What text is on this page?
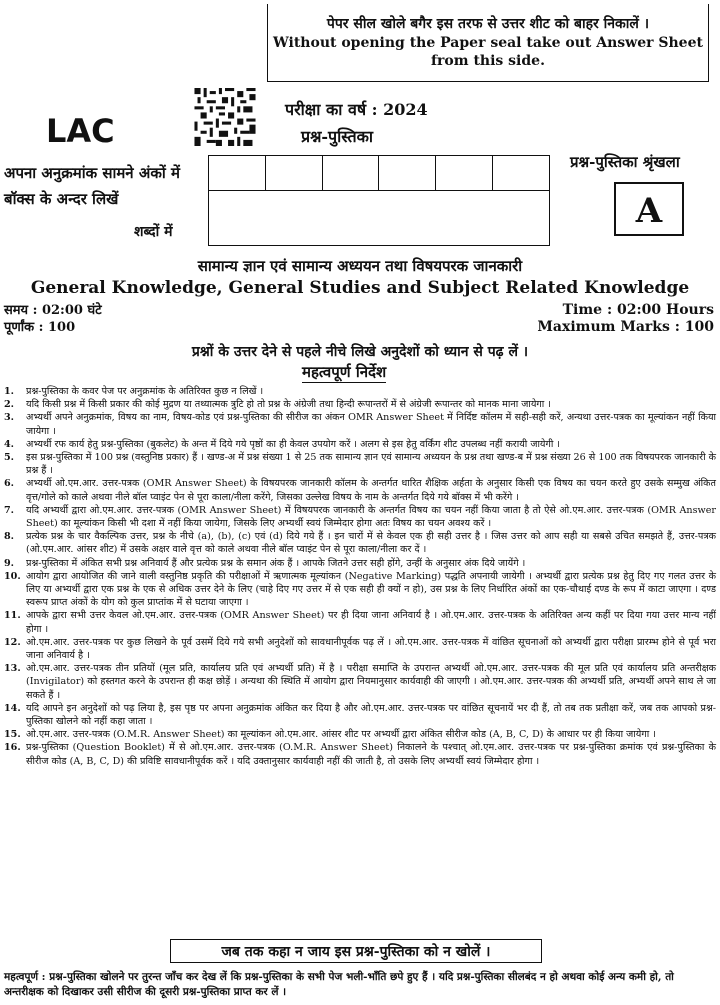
पेपर सील खोले बगैर इस तरफ से उत्तर शीट को बाहर निकालें ।
Without opening the Paper seal take out Answer Sheet
from this side.
LAC
परीक्षा का वर्ष : 2024
प्रश्न-पुस्तिका
अपना अनुक्रमांक सामने अंकों में
बॉक्स के अन्दर लिखें
शब्दों में
प्रश्न-पुस्तिका श्रृंखला
A
सामान्य ज्ञान एवं सामान्य अध्ययन तथा विषयपरक जानकारी
General Knowledge, General Studies and Subject Related Knowledge
समय : 02:00 घंटे
पूर्णांक : 100
Time : 02:00 Hours
Maximum Marks : 100
प्रश्नों के उत्तर देने से पहले नीचे लिखे अनुदेशों को ध्यान से पढ़ लें ।
महत्वपूर्ण निर्देश
1.	प्रश्न-पुस्तिका के कवर पेज पर अनुक्रमांक के अतिरिक्त कुछ न लिखें ।
2.	यदि किसी प्रश्न में किसी प्रकार की कोई मुद्रण या तथ्यात्मक त्रुटि हो तो प्रश्न के अंग्रेजी तथा हिन्दी रूपान्तरों में से अंग्रेजी रूपान्तर को मानक माना जायेगा ।
3.	अभ्यर्थी अपने अनुक्रमांक, विषय का नाम, विषय-कोड एवं प्रश्न-पुस्तिका की सीरीज का अंकन OMR Answer Sheet में निर्दिष्ट कॉलम में सही-सही करें, अन्यथा उत्तर-पत्रक का मूल्यांकन नहीं किया जायेगा ।
4.	अभ्यर्थी रफ कार्य हेतु प्रश्न-पुस्तिका (बुकलेट) के अन्त में दिये गये पृष्ठों का ही केवल उपयोग करें । अलग से इस हेतु वर्किंग शीट उपलब्ध नहीं करायी जायेगी ।
5.	इस प्रश्न-पुस्तिका में 100 प्रश्न (वस्तुनिष्ठ प्रकार) हैं । खण्ड-अ में प्रश्न संख्या 1 से 25 तक सामान्य ज्ञान एवं सामान्य अध्ययन के प्रश्न तथा खण्ड-ब में प्रश्न संख्या 26 से 100 तक विषयपरक जानकारी के प्रश्न हैं ।
6.	अभ्यर्थी ओ.एम.आर. उत्तर-पत्रक (OMR Answer Sheet) के विषयपरक जानकारी कॉलम के अन्तर्गत धारित शैक्षिक अर्हता के अनुसार किसी एक विषय का चयन करते हुए उसके सम्मुख अंकित वृत्त/गोले को काले अथवा नीले बॉल प्वाइंट पेन से पूरा काला/नीला करेंगे, जिसका उल्लेख विषय के नाम के अन्तर्गत दिये गये बॉक्स में भी करेंगे ।
7.	यदि अभ्यर्थी द्वारा ओ.एम.आर. उत्तर-पत्रक (OMR Answer Sheet) में विषयपरक जानकारी के अन्तर्गत विषय का चयन नहीं किया जाता है तो ऐसे ओ.एम.आर. उत्तर-पत्रक (OMR Answer Sheet) का मूल्यांकन किसी भी दशा में नहीं किया जायेगा, जिसके लिए अभ्यर्थी स्वयं जिम्मेदार होगा अतः विषय का चयन अवश्य करें ।
8.	प्रत्येक प्रश्न के चार वैकल्पिक उत्तर, प्रश्न के नीचे (a), (b), (c) एवं (d) दिये गये हैं । इन चारों में से केवल एक ही सही उत्तर है । जिस उत्तर को आप सही या सबसे उचित समझते हैं, उत्तर-पत्रक (ओ.एम.आर. आंसर शीट) में उसके अक्षर वाले वृत्त को काले अथवा नीले बॉल प्वाइंट पेन से पूरा काला/नीला कर दें ।
9.	प्रश्न-पुस्तिका में अंकित सभी प्रश्न अनिवार्य हैं और प्रत्येक प्रश्न के समान अंक हैं । आपके जितने उत्तर सही होंगे, उन्हीं के अनुसार अंक दिये जायेंगे ।
10. आयोग द्वारा आयोजित की जाने वाली वस्तुनिष्ठ प्रकृति की परीक्षाओं में ऋणात्मक मूल्यांकन (Negative Marking) पद्धति अपनायी जायेगी । अभ्यर्थी द्वारा प्रत्येक प्रश्न हेतु दिए गए गलत उत्तर के लिए या अभ्यर्थी द्वारा एक प्रश्न के एक से अधिक उत्तर देने के लिए (चाहे दिए गए उत्तर में से एक सही ही क्यों न हो), उस प्रश्न के लिए निर्धारित अंकों का एक-चौथाई दण्ड के रूप में काटा जाएगा । दण्ड स्वरूप प्राप्त अंकों के योग को कुल प्राप्तांक में से घटाया जाएगा ।
11. आपके द्वारा सभी उत्तर केवल ओ.एम.आर. उत्तर-पत्रक (OMR Answer Sheet) पर ही दिया जाना अनिवार्य है । ओ.एम.आर. उत्तर-पत्रक के अतिरिक्त अन्य कहीं पर दिया गया उत्तर मान्य नहीं होगा ।
12. ओ.एम.आर. उत्तर-पत्रक पर कुछ लिखने के पूर्व उसमें दिये गये सभी अनुदेशों को सावधानीपूर्वक पढ़ लें । ओ.एम.आर. उत्तर-पत्रक में वांछित सूचनाओं को अभ्यर्थी द्वारा परीक्षा प्रारम्भ होने से पूर्व भरा जाना अनिवार्य है ।
13. ओ.एम.आर. उत्तर-पत्रक तीन प्रतियों (मूल प्रति, कार्यालय प्रति एवं अभ्यर्थी प्रति) में है । परीक्षा समाप्ति के उपरान्त अभ्यर्थी ओ.एम.आर. उत्तर-पत्रक की मूल प्रति एवं कार्यालय प्रति अन्तरीक्षक (Invigilator) को हस्तगत करने के उपरान्त ही कक्ष छोड़ें । अन्यथा की स्थिति में आयोग द्वारा नियमानुसार कार्यवाही की जाएगी । ओ.एम.आर. उत्तर-पत्रक की अभ्यर्थी प्रति, अभ्यर्थी अपने साथ ले जा सकते हैं ।
14. यदि आपने इन अनुदेशों को पढ़ लिया है, इस पृष्ठ पर अपना अनुक्रमांक अंकित कर दिया है और ओ.एम.आर. उत्तर-पत्रक पर वांछित सूचनायें भर दी हैं, तो तब तक प्रतीक्षा करें, जब तक आपको प्रश्न-पुस्तिका खोलने को नहीं कहा जाता ।
15. ओ.एम.आर. उत्तर-पत्रक (O.M.R. Answer Sheet) का मूल्यांकन ओ.एम.आर. आंसर शीट पर अभ्यर्थी द्वारा अंकित सीरीज कोड (A, B, C, D) के आधार पर ही किया जायेगा ।
16. प्रश्न-पुस्तिका (Question Booklet) में से ओ.एम.आर. उत्तर-पत्रक (O.M.R. Answer Sheet) निकालने के पश्चात् ओ.एम.आर. उत्तर-पत्रक पर प्रश्न-पुस्तिका क्रमांक एवं प्रश्न-पुस्तिका के सीरीज कोड (A, B, C, D) की प्रविष्टि सावधानीपूर्वक करें । यदि उक्तानुसार कार्यवाही नहीं की जाती है, तो उसके लिए अभ्यर्थी स्वयं जिम्मेदार होगा ।
जब तक कहा न जाय इस प्रश्न-पुस्तिका को न खोलें ।
महत्वपूर्ण : प्रश्न-पुस्तिका खोलने पर तुरन्त जाँच कर देख लें कि प्रश्न-पुस्तिका के सभी पेज भली-भाँति छपे हुए हैं । यदि प्रश्न-पुस्तिका सीलबंद न हो अथवा कोई अन्य कमी हो, तो अन्तरीक्षक को दिखाकर उसी सीरीज की दूसरी प्रश्न-पुस्तिका प्राप्त कर लें ।
